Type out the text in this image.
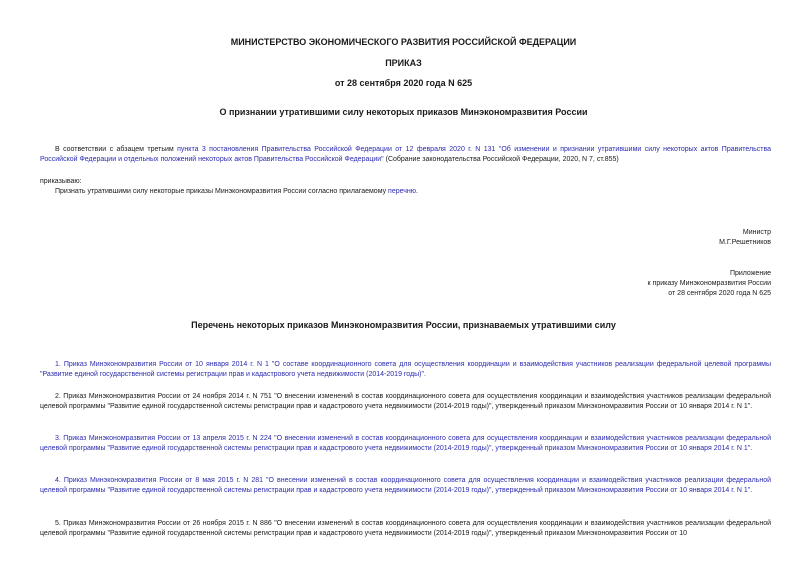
МИНИСТЕРСТВО ЭКОНОМИЧЕСКОГО РАЗВИТИЯ РОССИЙСКОЙ ФЕДЕРАЦИИ
ПРИКАЗ
от 28 сентября 2020 года N 625
О признании утратившими силу некоторых приказов Минэкономразвития России
В соответствии с абзацем третьим пункта 3 постановления Правительства Российской Федерации от 12 февраля 2020 г. N 131 "Об изменении и признании утратившими силу некоторых актов Правительства Российской Федерации и отдельных положений некоторых актов Правительства Российской Федерации" (Собрание законодательства Российской Федерации, 2020, N 7, ст.855)
приказываю:
Признать утратившими силу некоторые приказы Минэкономразвития России согласно прилагаемому перечню.
Министр
М.Г.Решетников
Приложение
к приказу Минэкономразвития России
от 28 сентября 2020 года N 625
Перечень некоторых приказов Минэкономразвития России, признаваемых утратившими силу
1. Приказ Минэкономразвития России от 10 января 2014 г. N 1 "О составе координационного совета для осуществления координации и взаимодействия участников реализации федеральной целевой программы "Развитие единой государственной системы регистрации прав и кадастрового учета недвижимости (2014-2019 годы)".
2. Приказ Минэкономразвития России от 24 ноября 2014 г. N 751 "О внесении изменений в состав координационного совета для осуществления координации и взаимодействия участников реализации федеральной целевой программы "Развитие единой государственной системы регистрации прав и кадастрового учета недвижимости (2014-2019 годы)", утвержденный приказом Минэкономразвития России от 10 января 2014 г. N 1".
3. Приказ Минэкономразвития России от 13 апреля 2015 г. N 224 "О внесении изменений в состав координационного совета для осуществления координации и взаимодействия участников реализации федеральной целевой программы "Развитие единой государственной системы регистрации прав и кадастрового учета недвижимости (2014-2019 годы)", утвержденный приказом Минэкономразвития России от 10 января 2014 г. N 1".
4. Приказ Минэкономразвития России от 8 мая 2015 г. N 281 "О внесении изменений в состав координационного совета для осуществления координации и взаимодействия участников реализации федеральной целевой программы "Развитие единой государственной системы регистрации прав и кадастрового учета недвижимости (2014-2019 годы)", утвержденный приказом Минэкономразвития России от 10 января 2014 г. N 1".
5. Приказ Минэкономразвития России от 26 ноября 2015 г. N 886 "О внесении изменений в состав координационного совета для осуществления координации и взаимодействия участников реализации федеральной целевой программы "Развитие единой государственной системы регистрации прав и кадастрового учета недвижимости (2014-2019 годы)", утвержденный приказом Минэкономразвития России от 10
